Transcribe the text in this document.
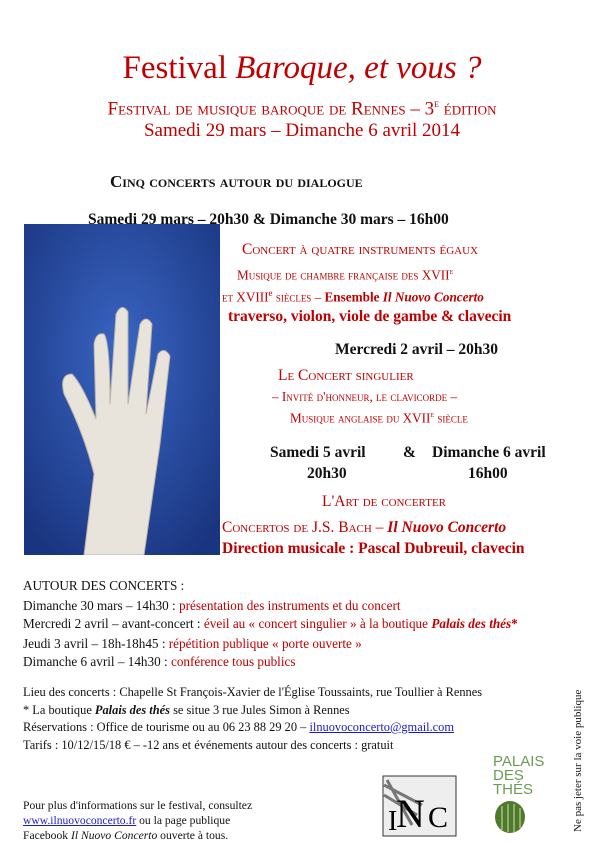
Festival Baroque, et vous ?
Festival de musique baroque de Rennes – 3e édition
Samedi 29 mars – Dimanche 6 avril 2014
Cinq concerts autour du dialogue
Samedi 29 mars – 20h30 & Dimanche 30 mars – 16h00
Concert à quatre instruments égaux
Musique de chambre française des XVIIe
et XVIIIe siècles – Ensemble Il Nuovo Concerto
traverso, violon, viole de gambe & clavecin
Mercredi 2 avril – 20h30
Le Concert singulier
– Invité d'honneur, le clavicorde –
Musique anglaise du XVIIe siècle
Samedi 5 avril & Dimanche 6 avril
20h30	16h00
L'Art de concerter
Concertos de J.S. Bach – Il Nuovo Concerto
Direction musicale : Pascal Dubreuil, clavecin
AUTOUR DES CONCERTS :
Dimanche 30 mars – 14h30 : présentation des instruments et du concert
Mercredi 2 avril – avant-concert : éveil au « concert singulier » à la boutique Palais des thés*
Jeudi 3 avril – 18h-18h45 : répétition publique « porte ouverte »
Dimanche 6 avril – 14h30 : conférence tous publics
Lieu des concerts : Chapelle St François-Xavier de l'Église Toussaints, rue Toullier à Rennes
* La boutique Palais des thés se situe 3 rue Jules Simon à Rennes
Réservations : Office de tourisme ou au 06 23 88 29 20 – ilnuovoconcerto@gmail.com
Tarifs : 10/12/15/18 € – -12 ans et événements autour des concerts : gratuit
Pour plus d'informations sur le festival, consultez
www.ilnuovoconcerto.fr ou la page publique
Facebook Il Nuovo Concerto ouverte à tous.	N
I C
PALAIS
DES
THÉS	Ne pas jeter sur la voie publique
